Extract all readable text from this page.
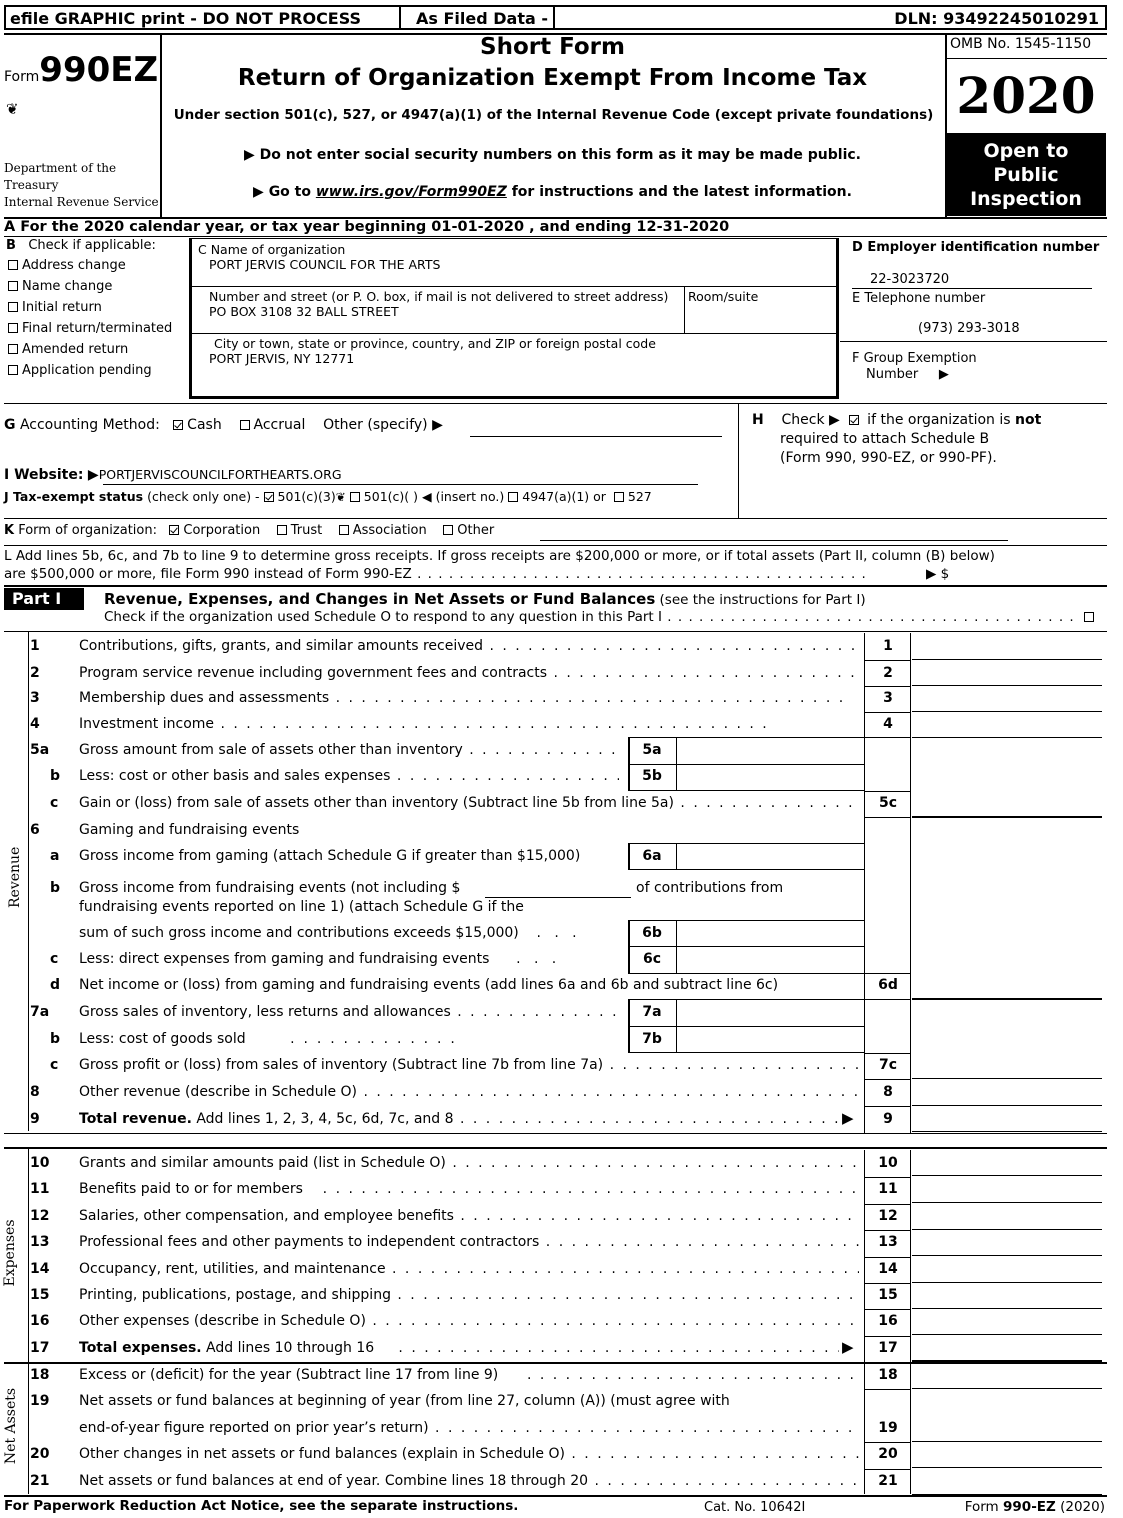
efile GRAPHIC print - DO NOT PROCESS	As Filed Data -	DLN: 93492245010291
Form990EZ
❦
Department of the
Treasury
Internal Revenue Service
Short Form
Return of Organization Exempt From Income Tax
Under section 501(c), 527, or 4947(a)(1) of the Internal Revenue Code (except private foundations)
▶ Do not enter social security numbers on this form as it may be made public.
▶ Go to www.irs.gov/Form990EZ for instructions and the latest information.
OMB No. 1545-1150
2020
Open to Public Inspection
A For the 2020 calendar year, or tax year beginning 01-01-2020 , and ending 12-31-2020
B Check if applicable:
Address change
Name change
Initial return
Final return/terminated
Amended return
Application pending
C Name of organization
PORT JERVIS COUNCIL FOR THE ARTS
Number and street (or P. O. box, if mail is not delivered to street address) Room/suite
PO BOX 3108 32 BALL STREET
City or town, state or province, country, and ZIP or foreign postal code
PORT JERVIS, NY 12771
D Employer identification number
22-3023720
E Telephone number
(973) 293-3018
F Group Exemption
Number     ▶
G Accounting Method: Cash Accrual Other (specify) ▶	H Check ▶   if the organization is not
required to attach Schedule B
(Form 990, 990-EZ, or 990-PF).
I Website: ▶PORTJERVISCOUNCILFORTHEARTS.ORG
J Tax-exempt status (check only one) - 501(c)(3)❦ 501(c)( ) ◀ (insert no.) 4947(a)(1) or 527
K Form of organization: Corporation Trust Association Other
L Add lines 5b, 6c, and 7b to line 9 to determine gross receipts. If gross receipts are $200,000 or more, or if total assets (Part II, column (B) below)
are $500,000 or more, file Form 990 instead of Form 990-EZ . . .	▶ $
Part I	Revenue, Expenses, and Changes in Net Assets or Fund Balances (see the instructions for Part I)
Check if the organization used Schedule O to respond to any question in this Part I . . .
Revenue
Expenses
Net Assets
1	Contributions, gifts, grants, and similar amounts received . . .	1
2	Program service revenue including government fees and contracts . . .	2
3	Membership dues and assessments . . .	3
4	Investment income . . .	4
5a	Gross amount from sale of assets other than inventory . . .	5a
b Less: cost or other basis and sales expenses . . .	5b
c	Gain or (loss) from sale of assets other than inventory (Subtract line 5b from line 5a) . . .	5c
6	Gaming and fundraising events
a	Gross income from gaming (attach Schedule G if greater than $15,000)	6a
b Gross income from fundraising events (not including $	of contributions from
fundraising events reported on line 1) (attach Schedule G if the
sum of such gross income and contributions exceeds $15,000)    .   .   .	6b
c	Less: direct expenses from gaming and fundraising events      .   .   .	6c
d Net income or (loss) from gaming and fundraising events (add lines 6a and 6b and subtract line 6c)	6d
7a	Gross sales of inventory, less returns and allowances . . .	7a
b Less: cost of goods sold          .  .  .  .  .  .  .  .  .  .  .  .  .	7b
c	Gross profit or (loss) from sales of inventory (Subtract line 7b from line 7a) . . .	7c
8	Other revenue (describe in Schedule O) . . .	8
9	Total revenue. Add lines 1, 2, 3, 4, 5c, 6d, 7c, and 8 . . .	▶	9
10	Grants and similar amounts paid (list in Schedule O) . . .	10
11	Benefits paid to or for members . . .	11
12	Salaries, other compensation, and employee benefits . . .	12
13	Professional fees and other payments to independent contractors . . .	13
14	Occupancy, rent, utilities, and maintenance . . .	14
15	Printing, publications, postage, and shipping . . .	15
16	Other expenses (describe in Schedule O) . . .	16
17	Total expenses. Add lines 10 through 16 . . .	▶	17
18	Excess or (deficit) for the year (Subtract line 17 from line 9) . . .	18
19	Net assets or fund balances at beginning of year (from line 27, column (A)) (must agree with
end-of-year figure reported on prior year’s return) . . .	19
20	Other changes in net assets or fund balances (explain in Schedule O) . . .	20
21	Net assets or fund balances at end of year. Combine lines 18 through 20 . . .	21
For Paperwork Reduction Act Notice, see the separate instructions.	Cat. No. 10642I	Form 990-EZ (2020)
